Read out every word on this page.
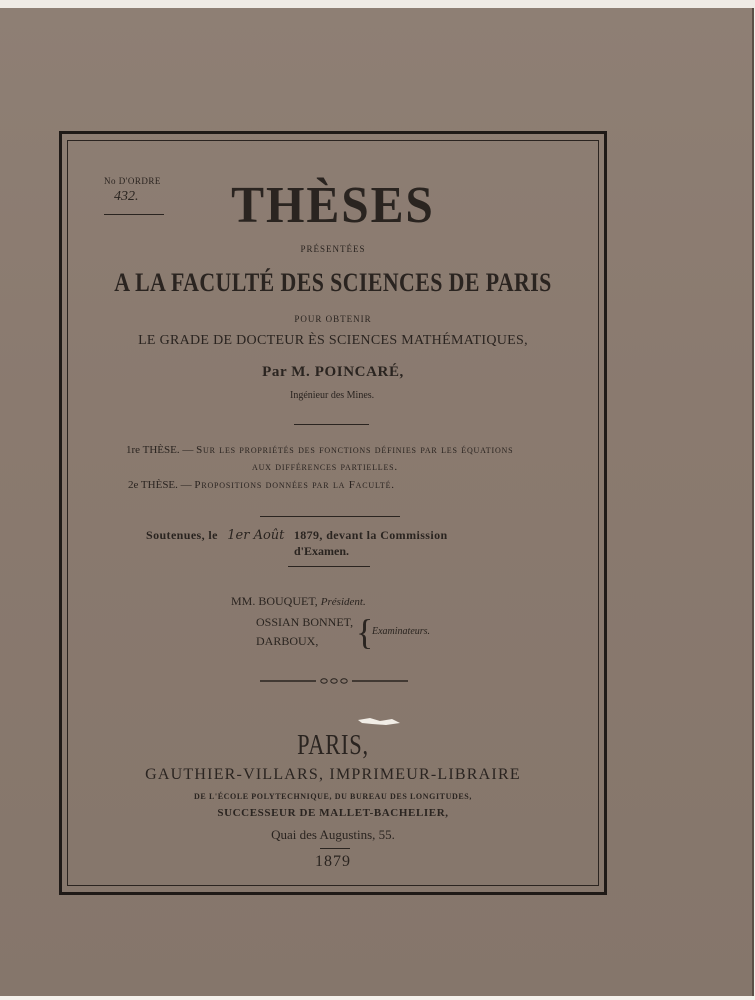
No D'ORDRE
432.	THÈSES
PRÉSENTÉES
A LA FACULTÉ DES SCIENCES DE PARIS
POUR OBTENIR
LE GRADE DE DOCTEUR ÈS SCIENCES MATHÉMATIQUES,
Par M. POINCARÉ,
Ingénieur des Mines.
1re THÈSE. — Sur les propriétés des fonctions définies par les équations
aux différences partielles.
2e THÈSE. — Propositions données par la Faculté.
Soutenues, le 1er Août 1879, devant la Commission
d'Examen.
MM. BOUQUET, Président.
OSSIAN BONNET,
DARBOUX, {
Examinateurs.
PARIS,
GAUTHIER-VILLARS, IMPRIMEUR-LIBRAIRE
DE L'ÉCOLE POLYTECHNIQUE, DU BUREAU DES LONGITUDES,
SUCCESSEUR DE MALLET-BACHELIER,
Quai des Augustins, 55.
1879
